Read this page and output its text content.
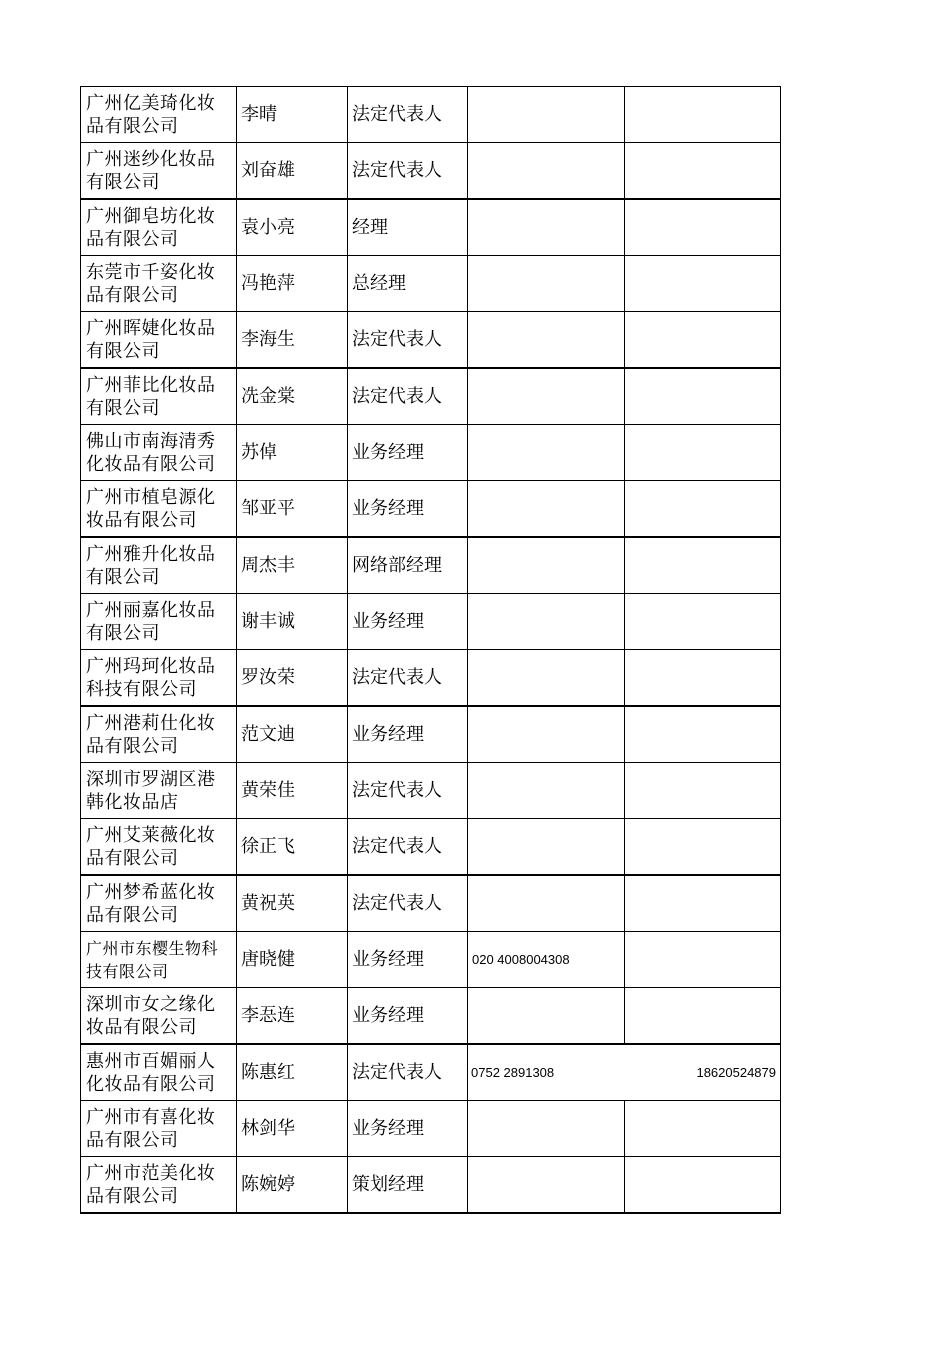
广州亿美琦化妆品有限公司	李晴	法定代表人		
广州迷纱化妆品有限公司	刘奋雄	法定代表人		
广州御皂坊化妆品有限公司	袁小亮	经理		
东莞市千姿化妆品有限公司	冯艳萍	总经理		
广州晖婕化妆品有限公司	李海生	法定代表人		
广州菲比化妆品有限公司	冼金棠	法定代表人		
佛山市南海清秀化妆品有限公司	苏倬	业务经理		
广州市植皂源化妆品有限公司	邹亚平	业务经理		
广州雅升化妆品有限公司	周杰丰	网络部经理		
广州丽嘉化妆品有限公司	谢丰诚	业务经理		
广州玛珂化妆品科技有限公司	罗汝荣	法定代表人		
广州港莉仕化妆品有限公司	范文迪	业务经理		
深圳市罗湖区港韩化妆品店	黄荣佳	法定代表人		
广州艾莱薇化妆品有限公司	徐正飞	法定代表人		
广州梦希蓝化妆品有限公司	黄祝英	法定代表人		
广州市东樱生物科技有限公司	唐晓健	业务经理	020 4008004308	
深圳市女之缘化妆品有限公司	李忢连	业务经理		
惠州市百媚丽人化妆品有限公司	陈惠红	法定代表人	0752 2891308 18620524879	

广州市有喜化妆品有限公司	林剑华	业务经理		
广州市范美化妆品有限公司	陈婉婷	策划经理		
